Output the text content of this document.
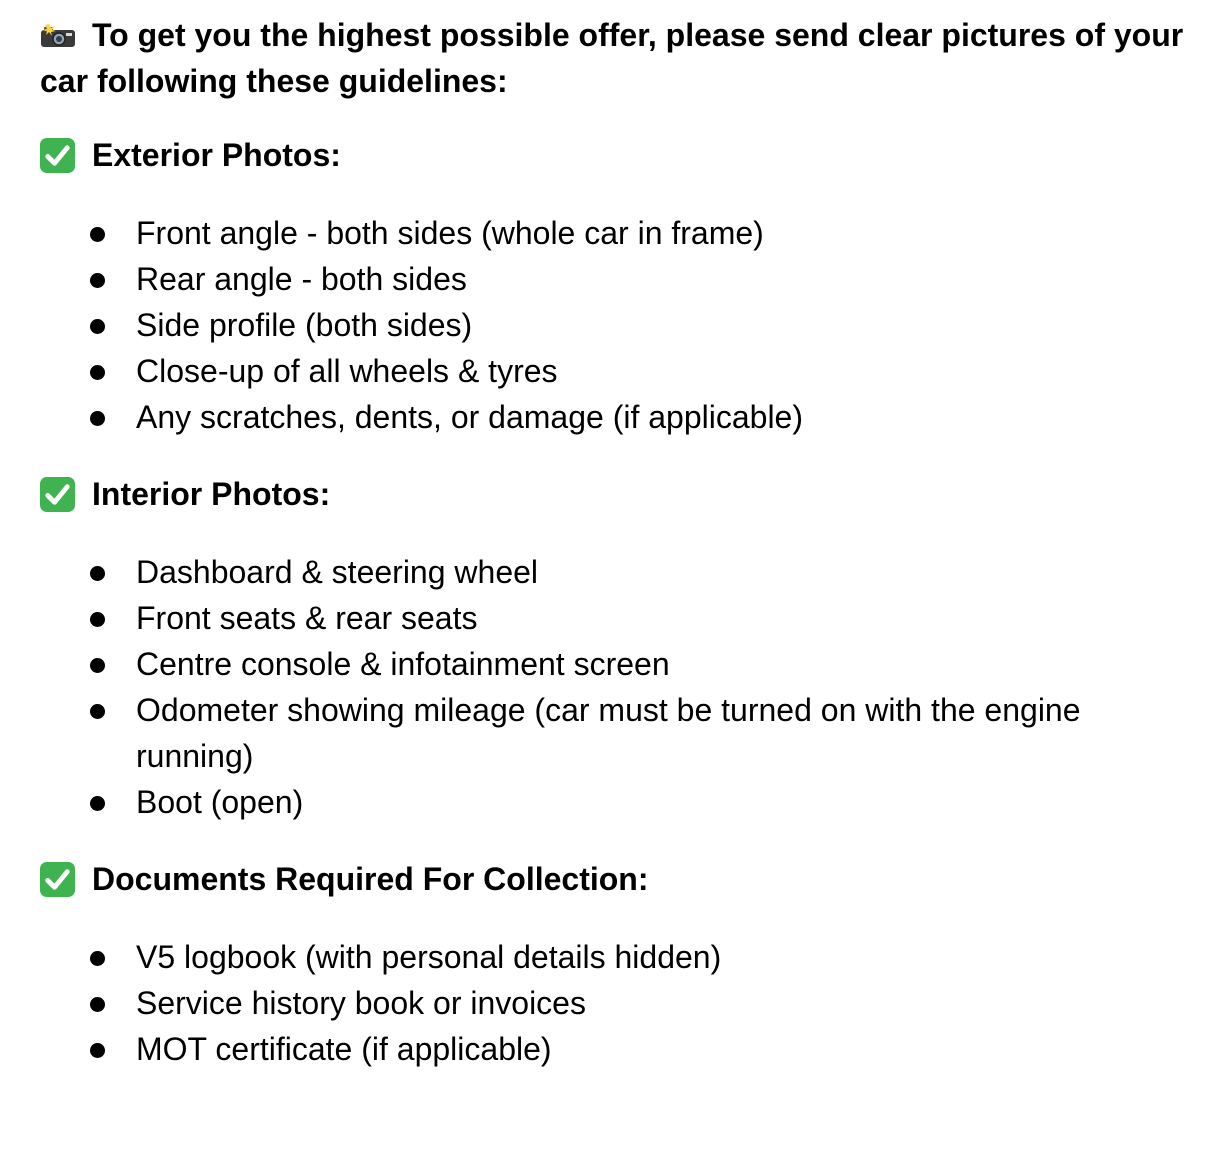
To get you the highest possible offer, please send clear pictures of your car following these guidelines:

Exterior Photos:
Front angle - both sides (whole car in frame)
Rear angle - both sides
Side profile (both sides)
Close-up of all wheels & tyres
Any scratches, dents, or damage (if applicable)
Interior Photos:
Dashboard & steering wheel
Front seats & rear seats
Centre console & infotainment screen
Odometer showing mileage (car must be turned on with the engine running)
Boot (open)
Documents Required For Collection:
V5 logbook (with personal details hidden)
Service history book or invoices
MOT certificate (if applicable)
